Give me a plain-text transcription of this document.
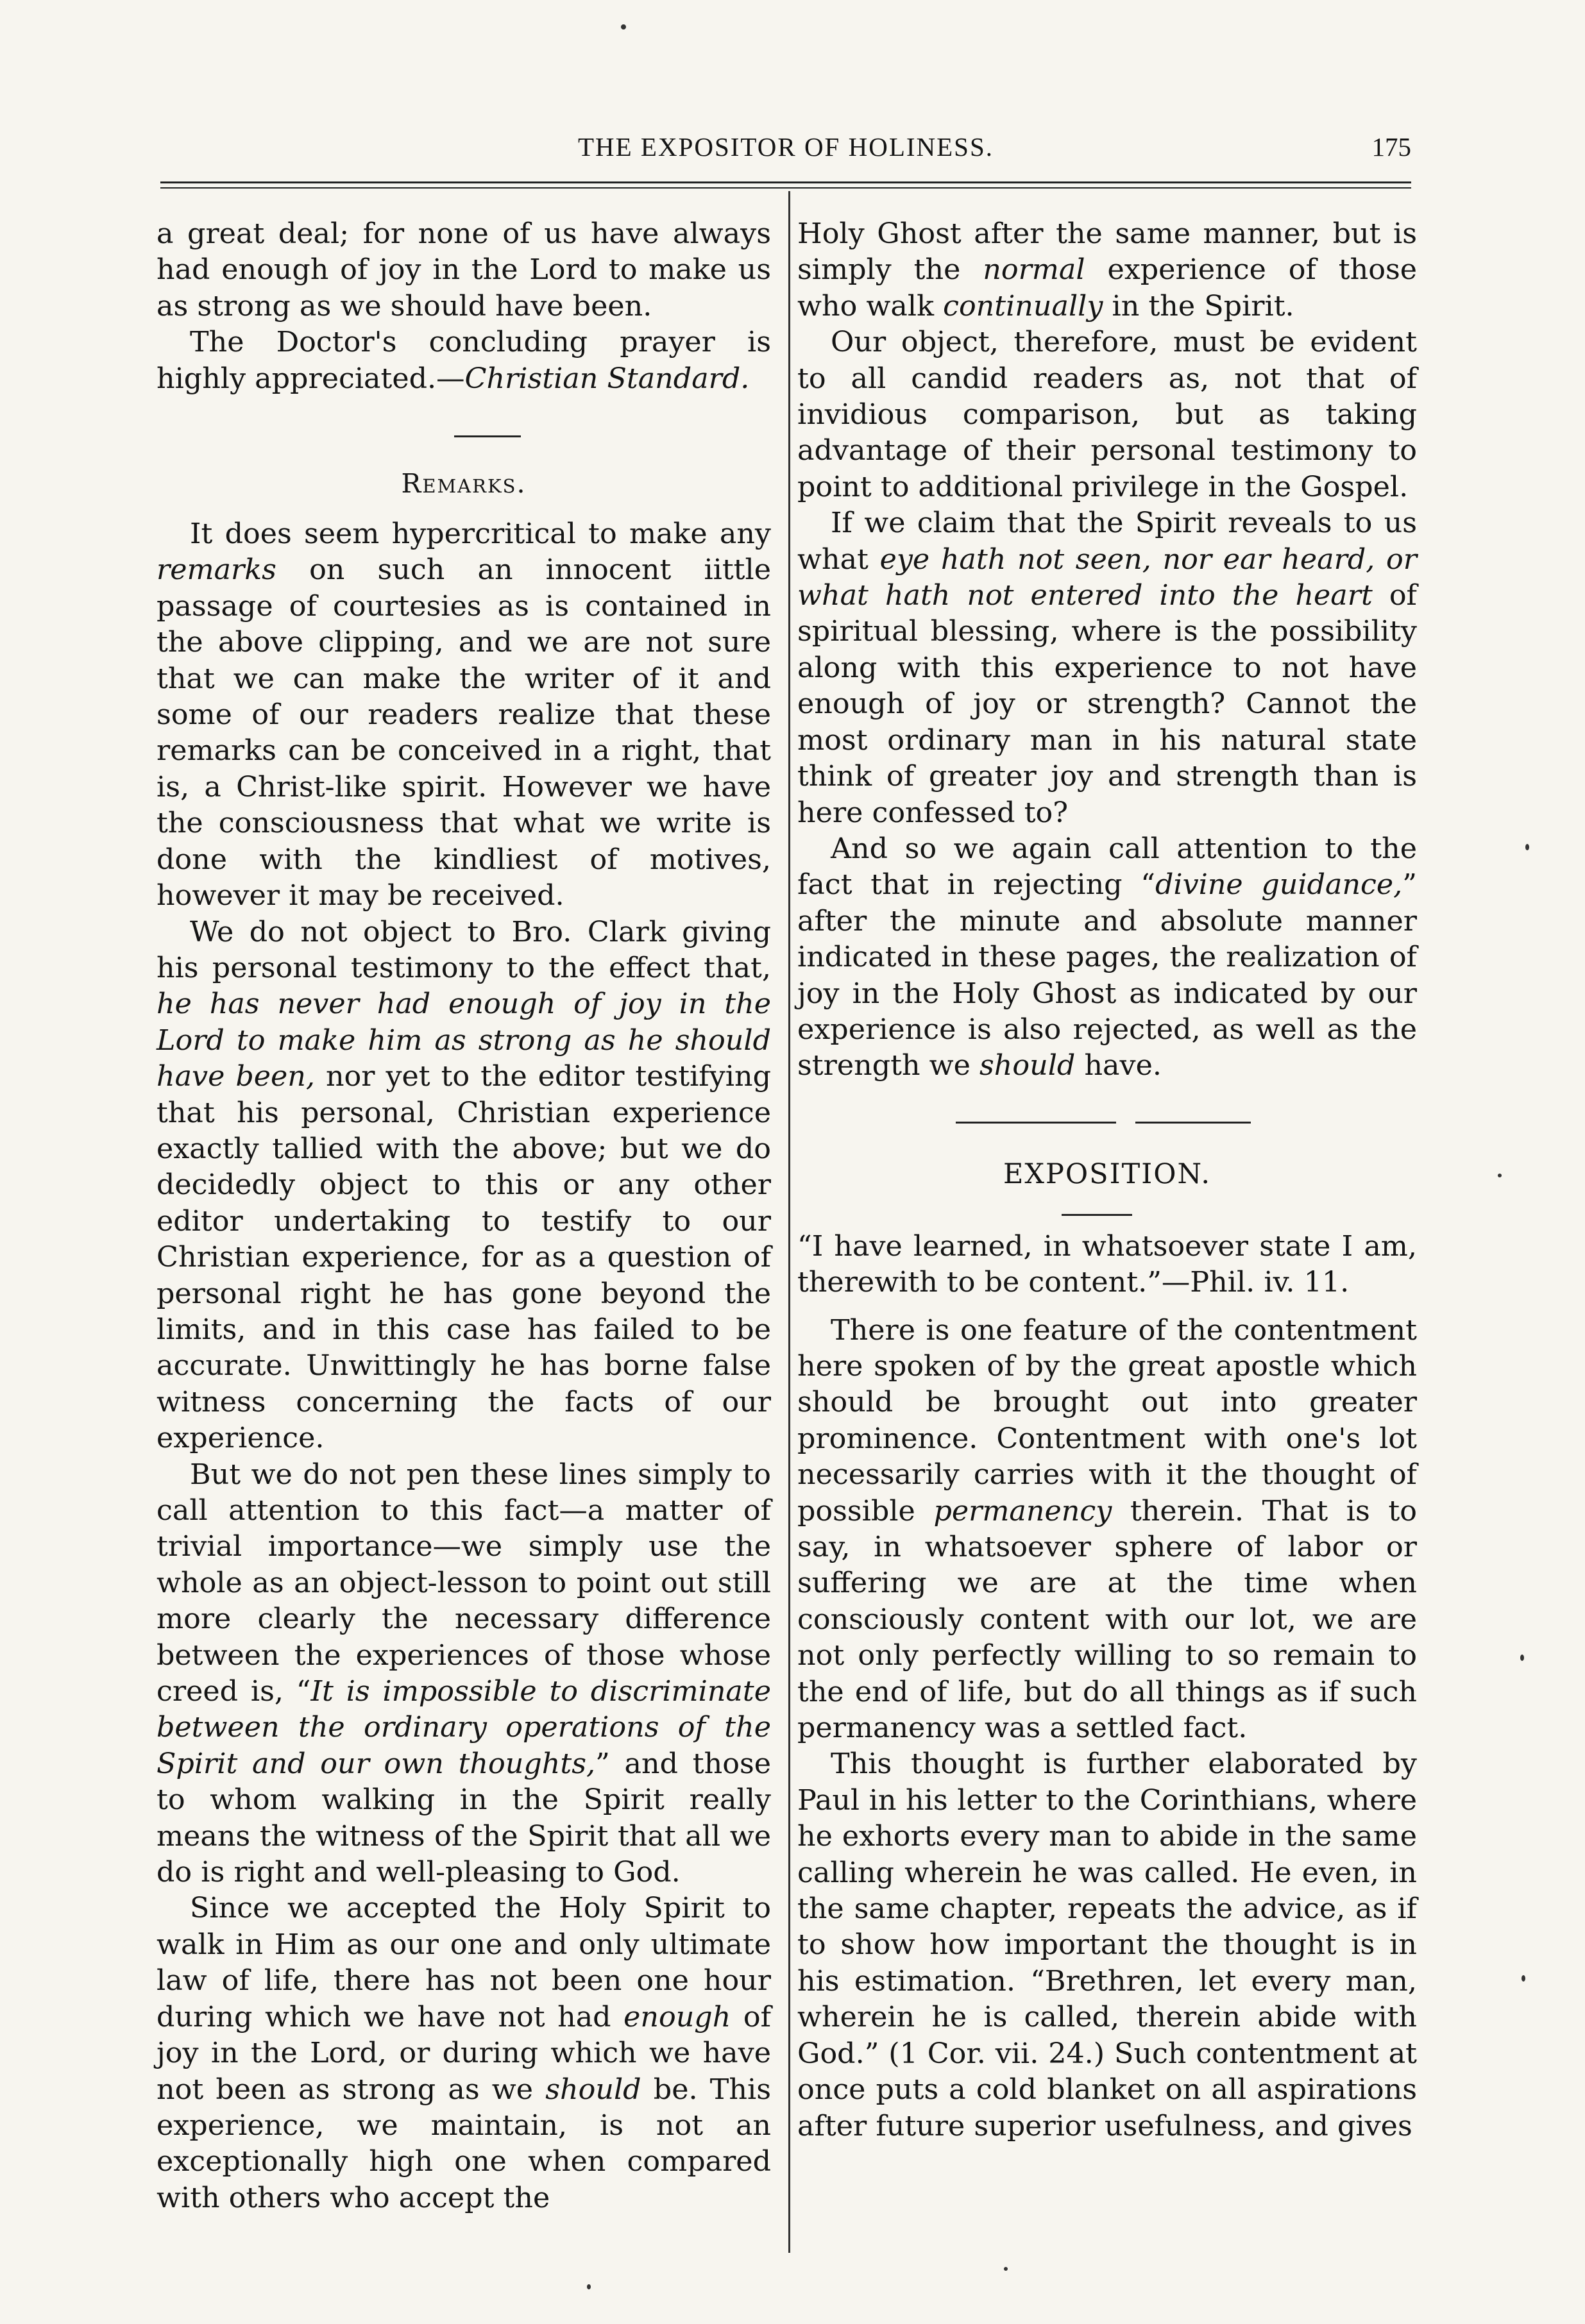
THE EXPOSITOR OF HOLINESS.	175

a great deal; for none of us have always had enough of joy in the Lord to make us as strong as we should have been.

The Doctor's concluding prayer is highly appreciated.—Christian Standard.

Remarks.

It does seem hypercritical to make any remarks on such an innocent iittle passage of courtesies as is contained in the above clipping, and we are not sure that we can make the writer of it and some of our readers realize that these remarks can be conceived in a right, that is, a Christ-like spirit. However we have the consciousness that what we write is done with the kindliest of motives, however it may be received.

We do not object to Bro. Clark giving his personal testimony to the effect that, he has never had enough of joy in the Lord to make him as strong as he should have been, nor yet to the editor testifying that his personal, Christian experience exactly tallied with the above; but we do decidedly object to this or any other editor undertaking to testify to our Christian experience, for as a question of personal right he has gone beyond the limits, and in this case has failed to be accurate. Unwittingly he has borne false witness concerning the facts of our experience.

But we do not pen these lines simply to call attention to this fact—a matter of trivial importance—we simply use the whole as an object-lesson to point out still more clearly the necessary difference between the experiences of those whose creed is, “It is impossible to discriminate between the ordinary operations of the Spirit and our own thoughts,” and those to whom walking in the Spirit really means the witness of the Spirit that all we do is right and well-pleasing to God.

Since we accepted the Holy Spirit to walk in Him as our one and only ultimate law of life, there has not been one hour during which we have not had enough of joy in the Lord, or during which we have not been as strong as we should be. This experience, we maintain, is not an exceptionally high one when compared with others who accept the

Holy Ghost after the same manner, but is simply the normal experience of those who walk continually in the Spirit.

Our object, therefore, must be evident to all candid readers as, not that of invidious comparison, but as taking advantage of their personal testimony to point to additional privilege in the Gospel.

If we claim that the Spirit reveals to us what eye hath not seen, nor ear heard, or what hath not entered into the heart of spiritual blessing, where is the possibility along with this experience to not have enough of joy or strength? Cannot the most ordinary man in his natural state think of greater joy and strength than is here confessed to?

And so we again call attention to the fact that in rejecting “divine guidance,” after the minute and absolute manner indicated in these pages, the realization of joy in the Holy Ghost as indicated by our experience is also rejected, as well as the strength we should have.

EXPOSITION.

“I have learned, in whatsoever state I am, therewith to be content.”—Phil. iv. 11.

There is one feature of the contentment here spoken of by the great apostle which should be brought out into greater prominence. Contentment with one's lot necessarily carries with it the thought of possible permanency therein. That is to say, in whatsoever sphere of labor or suffering we are at the time when consciously content with our lot, we are not only perfectly willing to so remain to the end of life, but do all things as if such permanency was a settled fact.

This thought is further elaborated by Paul in his letter to the Corinthians, where he exhorts every man to abide in the same calling wherein he was called. He even, in the same chapter, repeats the advice, as if to show how important the thought is in his estimation. “Brethren, let every man, wherein he is called, therein abide with God.” (1 Cor. vii. 24.) Such contentment at once puts a cold blanket on all aspirations after future superior usefulness, and gives
